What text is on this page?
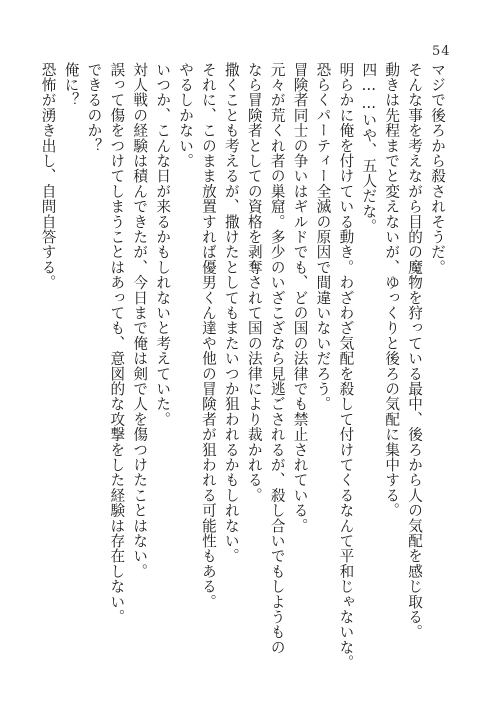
54
マジで後ろから殺されそうだ。
そんな事を考えながら目的の魔物を狩っている最中、後ろから人の気配を感じ取る。
動きは先程までと変えないが、ゆっくりと後ろの気配に集中する。
四……いや、五人だな。
明らかに俺を付けている動き。わざわざ気配を殺して付けてくるなんて平和じゃないな。
恐らくパーティー全滅の原因で間違いないだろう。
冒険者同士の争いはギルドでも、どの国の法律でも禁止されている。
元々が荒くれ者の巣窟。多少のいざこざなら見逃ごされるが、殺し合いでもしようもの
なら冒険者としての資格を剥奪されて国の法律により裁かれる。
撒くことも考えるが、撒けたとしてもまたいつか狙われるかもしれない。
それに、このまま放置すれば優男くん達や他の冒険者が狙われる可能性もある。
やるしかない。
いつか、こんな日が来るかもしれないと考えていた。
対人戦の経験は積んできたが、今日まで俺は剣で人を傷つけたことはない。
誤って傷をつけてしまうことはあっても、意図的な攻撃をした経験は存在しない。
できるのか？
俺に？
恐怖が湧き出し、自問自答する。
